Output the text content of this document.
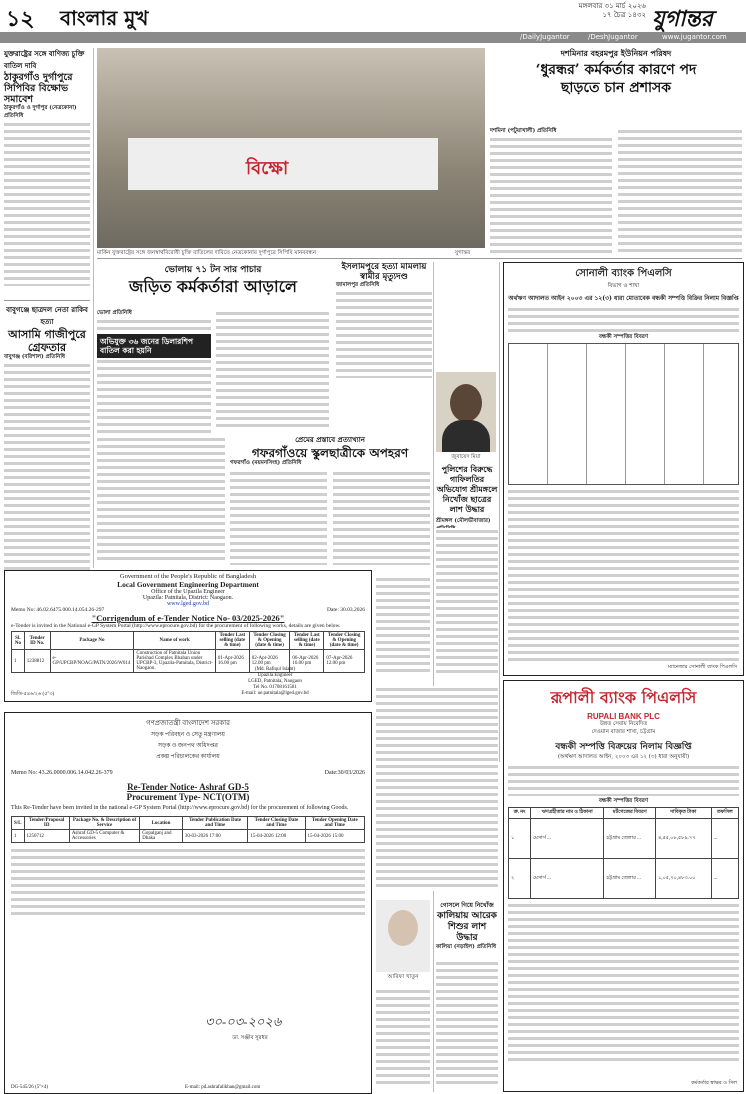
১২ বাংলার মুখ	মঙ্গলবার ৩১ মার্চ ২০২৬
১৭ চৈত্র ১৪৩২ যুগান্তর
/DailyJugantor	/DeshJugantor	www.jugantor.com
যুক্তরাষ্ট্রের সঙ্গে বাণিজ্য চুক্তি বাতিল দাবি
ঠাকুরগাঁও দুর্গাপুরে সিপিবির বিক্ষোভ সমাবেশ
ঠাকুরগাঁও ও দুর্গাপুর (নেত্রকোনা) প্রতিনিধি
বাবুগঞ্জে ছাত্রদল নেতা রাকিব হত্যা
আসামি গাজীপুরে গ্রেফতার
বাবুগঞ্জ (বরিশাল) প্রতিনিধি
বিক্ষো
মার্কিন যুক্তরাষ্ট্রের সঙ্গে জনস্বার্থবিরোধী চুক্তি বাতিলের দাবিতে নেত্রকোনার দুর্গাপুরে সিপিবি মানববন্ধন	যুগান্তর
দশমিনার বহরমপুর ইউনিয়ন পরিষদ
‘ধুরন্ধর’ কর্মকর্তার কারণে পদ
ছাড়তে চান প্রশাসক
দশমিনা (পটুয়াখালী) প্রতিনিধি
ভোলায় ৭১ টন সার পাচার
জড়িত কর্মকর্তারা আড়ালে
ভোলা প্রতিনিধি
অভিযুক্ত ৩৬ জনের ডিলারশিপ বাতিল করা হয়নি
ইসলামপুরে হত্যা মামলায় স্বামীর মৃত্যুদণ্ড
জামালপুর প্রতিনিধি
প্রেমের প্রস্তাবে প্রত্যাখ্যান
গফরগাঁওয়ে স্কুলছাত্রীকে অপহরণ
গফরগাঁও (ময়মনসিংহ) প্রতিনিধি
জুবায়েদ মিয়া
পুলিশের বিরুদ্ধে গাফিলতির অভিযোগ শ্রীমঙ্গলে নিখোঁজ ছাত্রের লাশ উদ্ধার
সোনালী ব্যাংক পিএলসি
বিভাগ ও শাখা
অর্থঋণ আদালত আইন ২০০৩ এর ১২(৩) ধারা মোতাবেক বন্ধকী সম্পত্তি বিক্রির নিলাম বিজ্ঞপ্তি
বন্ধকী সম্পত্তির বিবরণ
ম্যানেজার সোনালী ব্যাংক পিএলসি
শ্রীমঙ্গল (মৌলভীবাজার)
Government of the People's Republic of Bangladesh
Local Government Engineering Department
Office of the Upazila Engineer
Upazila: Patnitala, District: Naogaon.
www.lged.gov.bd
Memo No: 46.02.6475.000.14.054.26-297	Date: 30.03.2026
"Corrigendum of e-Tender Notice No- 03/2025-2026"
e-Tender is invited in the National e-GP System Portal (http://www.eprocure.gov.bd) for the procurement of following works, details are given below.
Sl. No	Tender ID No.	Package No	Name of work	Tender Last selling (date & time)	Tender Closing & Opening (date & time)	Tender Last selling (date & time)	Tender Closing & Opening (date & time)
1	1238812	e-GP/UPCBP/NOAG/PATN/2026/W014	Construction of Patnitala Union Parishad Complex Bhaban under UPCBP-3, Upazila-Patnitala, District-Naogaon.	01-Apr-2026 16.00 pm	02-Apr-2026 12.00 pm	06-Apr-2026 16.00 pm	07-Apr-2026 12.00 pm
(Md. Rafiqul Islam)
Upazila Engineer
LGED, Patnitala, Naogaon
Tel No. 01708161581
E-mail: ue.patnitala@lged.gov.bd
জিডি-৫৪৬/২৬ (৫''৩)
গণপ্রজাতন্ত্রী বাংলাদেশ সরকার
সড়ক পরিবহন ও সেতু মন্ত্রণালয়
সড়ক ও জনপথ অধিদপ্তর
প্রকল্প পরিচালকের কার্যালয়
Memo No: 43.26.0000.006.14.042.26-379	Date:30/03/2026
Re-Tender Notice- Ashraf GD-5
Procurement Type- NCT(OTM)
This Re-Tender have been invited in the national e-GP System Portal (http://www.eprocure.gov.bd) for the procurement of following Goods.
S/L	Tender/Proposal ID	Package No. & Description of Service	Location	Tender Publication Date and Time	Tender Closing Date and Time	Tender Opening Date and Time
1	1250712	Ashraf GD-5 Computer & Accessories	Gopalganj and Dhaka	30-03-2026 17:00	15-04-2026 12:00	15-04-2026 15:00
৩০-০৩-২০২৬
ডা. সঞ্জীব সুরধর
DG-545/26 (5''×4)	E-mail: pd.ashrafalikhan@gmail.com
আরিফা খাতুন
গোসলে গিয়ে নিখোঁজ
কালিয়ায় আরেক শিশুর লাশ উদ্ধার
কালিয়া (নড়াইল) প্রতিনিধি
রূপালী ব্যাংক পিএলসি
RUPALI BANK PLC
উন্নত সেবায় নিবেদিত
দেওয়ান বাজার শাখা, চট্টগ্রাম
বন্ধকী সম্পত্তি বিক্রয়ের নিলাম বিজ্ঞপ্তি
(অর্থঋণ আদালত আইন, ২০০৩ এর ১২ (৩) ধারা অনুযায়ী)
বন্ধকী সম্পত্তির বিবরণ
ক্র. নং	ঋণগ্রহীতার নাম ও ঠিকানা	মর্টগেজের বিবরণ	দাবিকৃত টাকা	তফসিল
১	মেসার্স ...	চট্টগ্রাম জেলার ...	৪,৫৫,০৮,৫৮৯.৭৭	...
২	মেসার্স ...	চট্টগ্রাম জেলার ...	১,০৫,৭০,৪৮৩.০০	...
কর্মকর্তার স্বাক্ষর ও সিল
